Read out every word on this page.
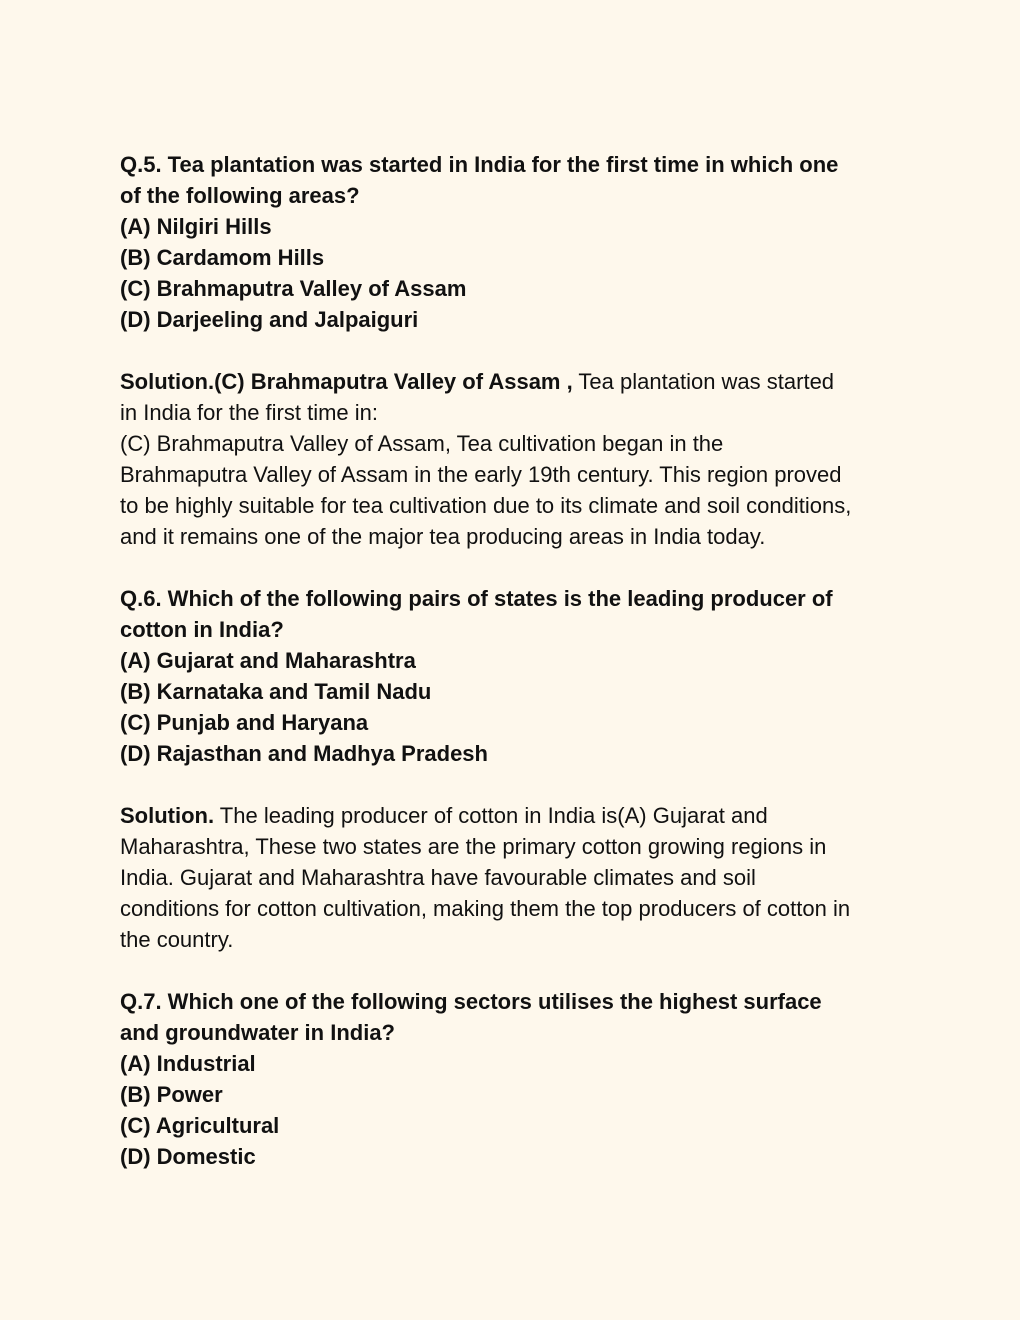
Q.5. Tea plantation was started in India for the first time in which one
of the following areas?
(A) Nilgiri Hills
(B) Cardamom Hills
(C) Brahmaputra Valley of Assam
(D) Darjeeling and Jalpaiguri
Solution.(C) Brahmaputra Valley of Assam , Tea plantation was started
in India for the first time in:
(C) Brahmaputra Valley of Assam, Tea cultivation began in the
Brahmaputra Valley of Assam in the early 19th century. This region proved
to be highly suitable for tea cultivation due to its climate and soil conditions,
and it remains one of the major tea producing areas in India today.
Q.6. Which of the following pairs of states is the leading producer of
cotton in India?
(A) Gujarat and Maharashtra
(B) Karnataka and Tamil Nadu
(C) Punjab and Haryana
(D) Rajasthan and Madhya Pradesh
Solution. The leading producer of cotton in India is(A) Gujarat and
Maharashtra, These two states are the primary cotton growing regions in
India. Gujarat and Maharashtra have favourable climates and soil
conditions for cotton cultivation, making them the top producers of cotton in
the country.
Q.7. Which one of the following sectors utilises the highest surface
and groundwater in India?
(A) Industrial
(B) Power
(C) Agricultural
(D) Domestic
